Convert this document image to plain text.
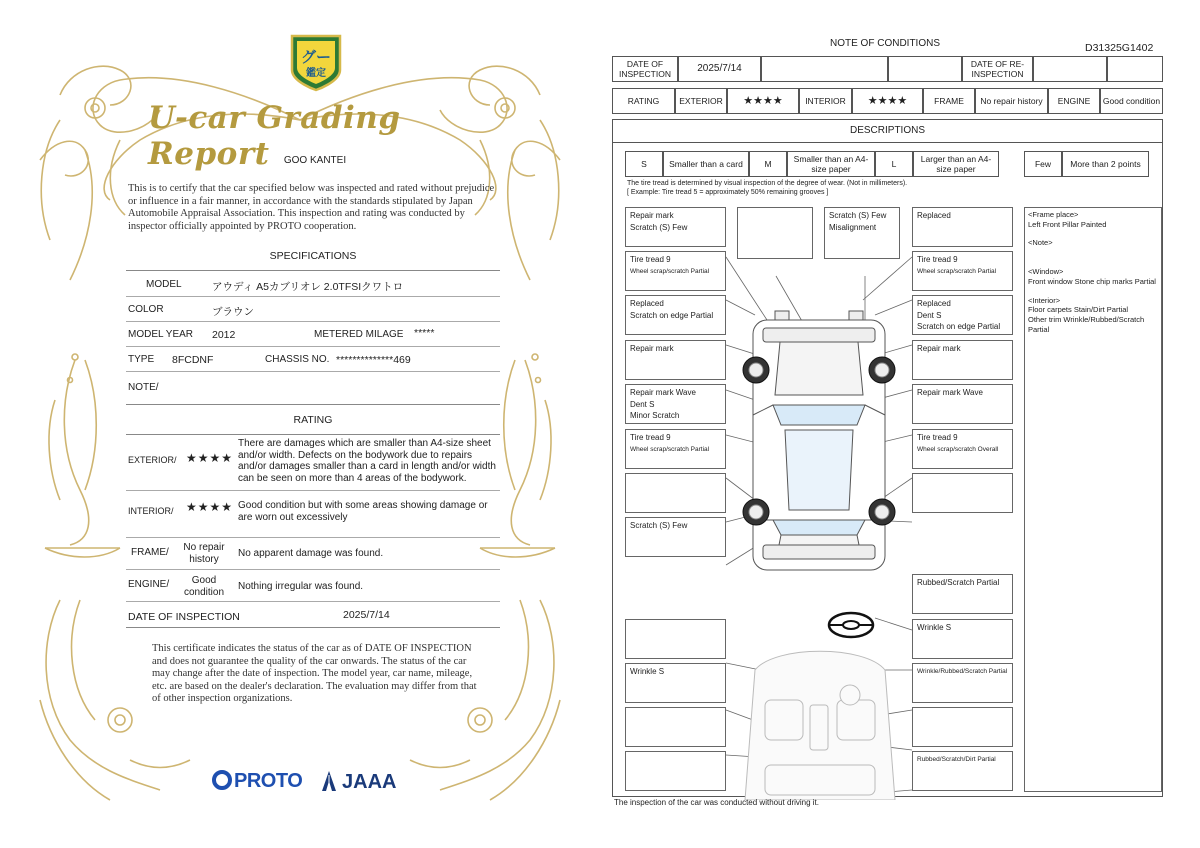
グー
鑑定
U-car Grading Report	GOO KANTEI
This is to certify that the car specified below was inspected and rated without prejudice or influence in a fair manner, in accordance with the standards stipulated by Japan Automobile Appraisal Association. This inspection and rating was conducted by inspector officially appointed by PROTO cooperation.
SPECIFICATIONS
MODEL	アウディ A5カブリオレ 2.0TFSIクワトロ
COLOR	ブラウン
MODEL YEAR 2012	METERED MILAGE *****
TYPE 8FCDNF	CHASSIS NO. **************469
NOTE/
RATING
EXTERIOR/ ★★★★
There are damages which are smaller than A4-size sheet and/or width. Defects on the bodywork due to repairs and/or damages smaller than a card in length and/or width can be seen on more than 4 areas of the bodywork.
INTERIOR/ ★★★★ Good condition but with some areas showing damage or are worn out excessively
FRAME/	No repair history	No apparent damage was found.
ENGINE/	Good condition	Nothing irregular was found.
DATE OF INSPECTION	2025/7/14
This certificate indicates the status of the car as of DATE OF INSPECTION and does not guarantee the quality of the car onwards. The status of the car may change after the date of inspection. The model year, car name, mileage, etc. are based on the dealer's declaration. The evaluation may differ from that of other inspection organizations.
PROTO	JAAA
NOTE OF CONDITIONS	D31325G1402
DATE OF INSPECTION	2025/7/14	DATE OF RE-INSPECTION
RATING	EXTERIOR	★★★★	INTERIOR	★★★★	FRAME	No repair history	ENGINE	Good condition
DESCRIPTIONS
S	Smaller than a card	M	Smaller than an A4-size paper	L	Larger than an A4-size paper	Few	More than 2 points
The tire tread is determined by visual inspection of the degree of wear. (Not in millimeters).
[ Example: Tire tread 5 = approximately 50% remaining grooves ]
Repair mark
Scratch (S) Few
Scratch (S) Few
Misalignment
Replaced
Tire tread 9
Wheel scrap/scratch Partial
Tire tread 9
Wheel scrap/scratch Partial
Replaced
Scratch on edge Partial
Replaced
Dent S
Scratch on edge Partial
Repair mark	Repair mark
Repair mark Wave
Dent S
Minor Scratch
Repair mark Wave
Tire tread 9
Wheel scrap/scratch Partial
Tire tread 9
Wheel scrap/scratch Overall
Scratch (S) Few
Rubbed/Scratch Partial
Wrinkle S
Wrinkle S	Wrinkle/Rubbed/Scratch Partial
Rubbed/Scratch/Dirt Partial
<Frame place>
Left Front Pillar Painted
<Note>
<Window>
Front window Stone chip marks Partial
<Interior>
Floor carpets Stain/Dirt Partial
Other trim Wrinkle/Rubbed/Scratch Partial
The inspection of the car was conducted without driving it.
